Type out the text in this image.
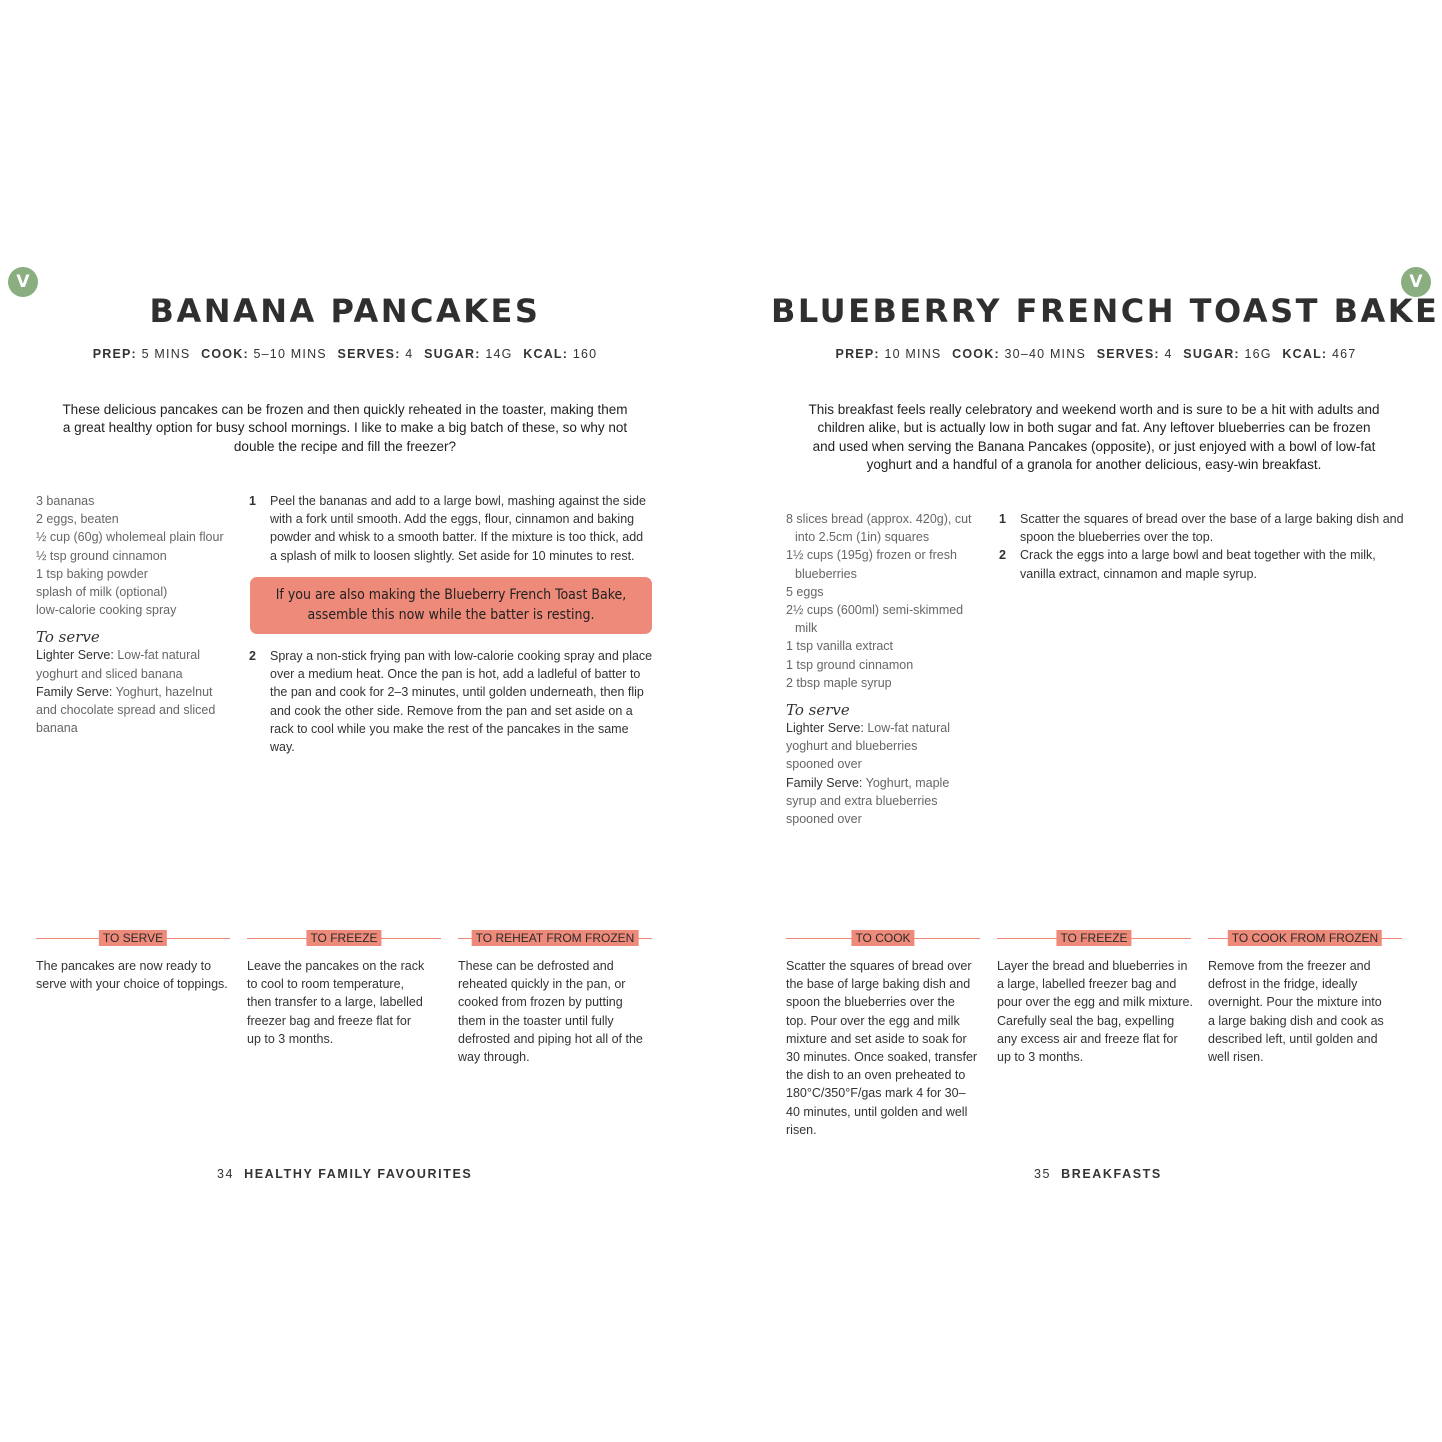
V
BANANA PANCAKES
PREP: 5 MINS COOK: 5–10 MINS SERVES: 4 SUGAR: 14G KCAL: 160

These delicious pancakes can be frozen and then quickly reheated in the toaster, making them a great healthy option for busy school mornings. I like to make a big batch of these, so why not double the recipe and fill the freezer?

3 bananas
2 eggs, beaten
½ cup (60g) wholemeal plain flour
½ tsp ground cinnamon
1 tsp baking powder
splash of milk (optional)
low-calorie cooking spray
To serve

Lighter Serve: Low-fat natural yoghurt and sliced banana

Family Serve: Yoghurt, hazelnut and chocolate spread and sliced banana

1 Peel the bananas and add to a large bowl, mashing against the side with a fork until smooth. Add the eggs, flour, cinnamon and baking powder and whisk to a smooth batter. If the mixture is too thick, add a splash of milk to loosen slightly. Set aside for 10 minutes to rest.
If you are also making the Blueberry French Toast Bake,
assemble this now while the batter is resting.
2 Spray a non-stick frying pan with low-calorie cooking spray and place over a medium heat. Once the pan is hot, add a ladleful of batter to the pan and cook for 2–3 minutes, until golden underneath, then flip and cook the other side. Remove from the pan and set aside on a rack to cool while you make the rest of the pancakes in the same way.
TO SERVE

The pancakes are now ready to serve with your choice of toppings.

TO FREEZE

Leave the pancakes on the rack to cool to room temperature, then transfer to a large, labelled freezer bag and freeze flat for up to 3 months.

TO REHEAT FROM FROZEN

These can be defrosted and reheated quickly in the pan, or cooked from frozen by putting them in the toaster until fully defrosted and piping hot all of the way through.

34 HEALTHY FAMILY FAVOURITES
V
BLUEBERRY FRENCH TOAST BAKE
PREP: 10 MINS COOK: 30–40 MINS SERVES: 4 SUGAR: 16G KCAL: 467

This breakfast feels really celebratory and weekend worth and is sure to be a hit with adults and children alike, but is actually low in both sugar and fat. Any leftover blueberries can be frozen and used when serving the Banana Pancakes (opposite), or just enjoyed with a bowl of low-fat yoghurt and a handful of a granola for another delicious, easy-win breakfast.

8 slices bread (approx. 420g), cut into 2.5cm (1in) squares
1½ cups (195g) frozen or fresh blueberries
5 eggs
2½ cups (600ml) semi-skimmed milk
1 tsp vanilla extract
1 tsp ground cinnamon
2 tbsp maple syrup
To serve

Lighter Serve: Low-fat natural yoghurt and blueberries spooned over

Family Serve: Yoghurt, maple syrup and extra blueberries spooned over

1 Scatter the squares of bread over the base of a large baking dish and spoon the blueberries over the top.
2 Crack the eggs into a large bowl and beat together with the milk, vanilla extract, cinnamon and maple syrup.
TO COOK

Scatter the squares of bread over the base of large baking dish and spoon the blueberries over the top. Pour over the egg and milk mixture and set aside to soak for 30 minutes. Once soaked, transfer the dish to an oven preheated to 180°C/350°F/gas mark 4 for 30–40 minutes, until golden and well risen.

TO FREEZE

Layer the bread and blueberries in a large, labelled freezer bag and pour over the egg and milk mixture. Carefully seal the bag, expelling any excess air and freeze flat for up to 3 months.

TO COOK FROM FROZEN

Remove from the freezer and defrost in the fridge, ideally overnight. Pour the mixture into a large baking dish and cook as described left, until golden and well risen.

35 BREAKFASTS
